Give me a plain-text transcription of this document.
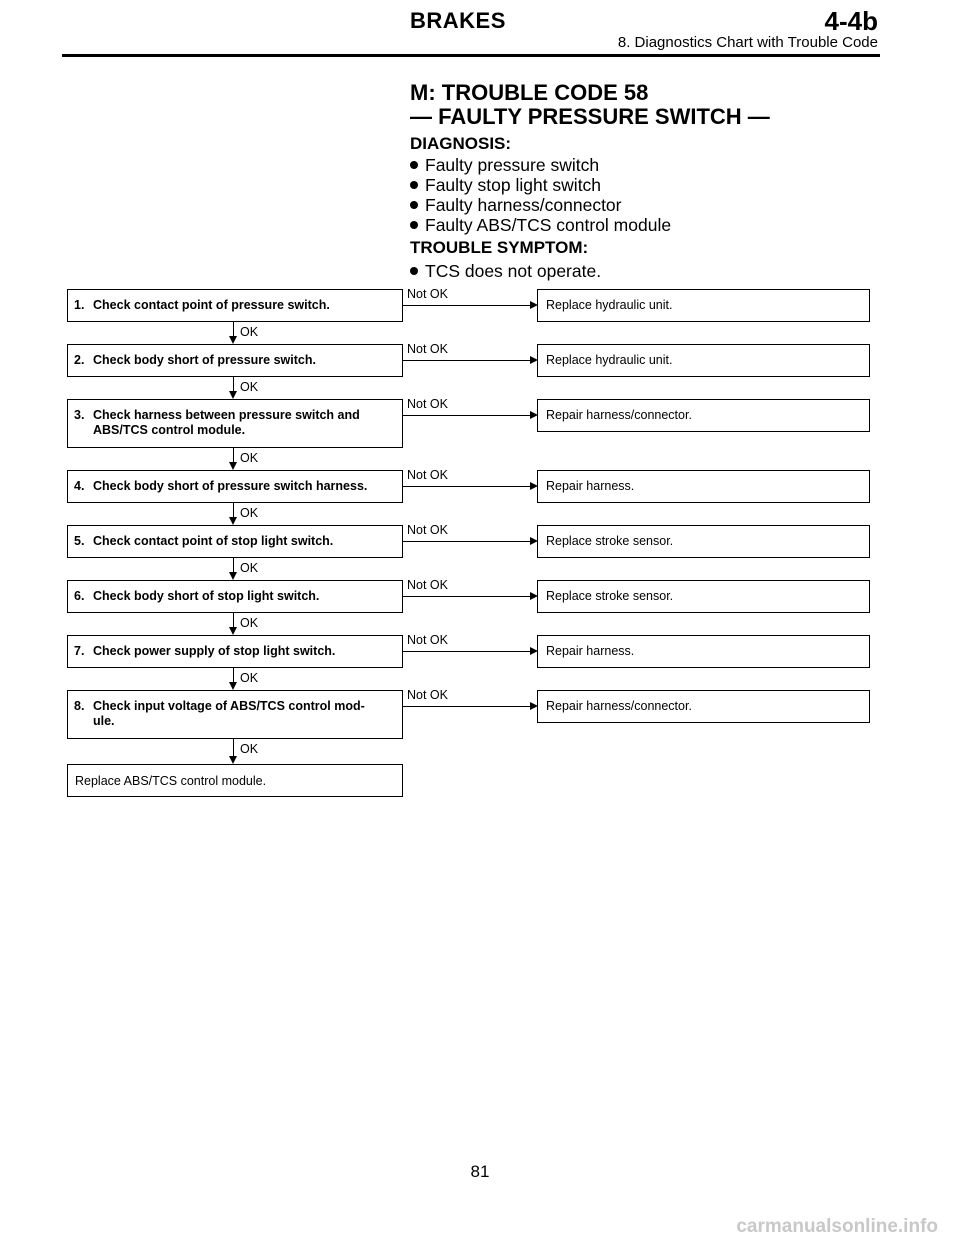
BRAKES	4-4b
8. Diagnostics Chart with Trouble Code
M: TROUBLE CODE 58
— FAULTY PRESSURE SWITCH —
DIAGNOSIS:
Faulty pressure switch
Faulty stop light switch
Faulty harness/connector
Faulty ABS/TCS control module
TROUBLE SYMPTOM:
TCS does not operate.
1. Check contact point of pressure switch.
Not OK
Replace hydraulic unit.
OK
2. Check body short of pressure switch.
Not OK
Replace hydraulic unit.
OK
3. Check harness between pressure switch and
ABS/TCS control module.
Not OK
Repair harness/connector.
OK
4. Check body short of pressure switch harness.
Not OK
Repair harness.
OK
5. Check contact point of stop light switch.
Not OK
Replace stroke sensor.
OK
6. Check body short of stop light switch.
Not OK
Replace stroke sensor.
OK
7. Check power supply of stop light switch.
Not OK
Repair harness.
OK
8. Check input voltage of ABS/TCS control mod-
ule.
Not OK
Repair harness/connector.
OK
Replace ABS/TCS control module.
81
carmanualsonline.info
